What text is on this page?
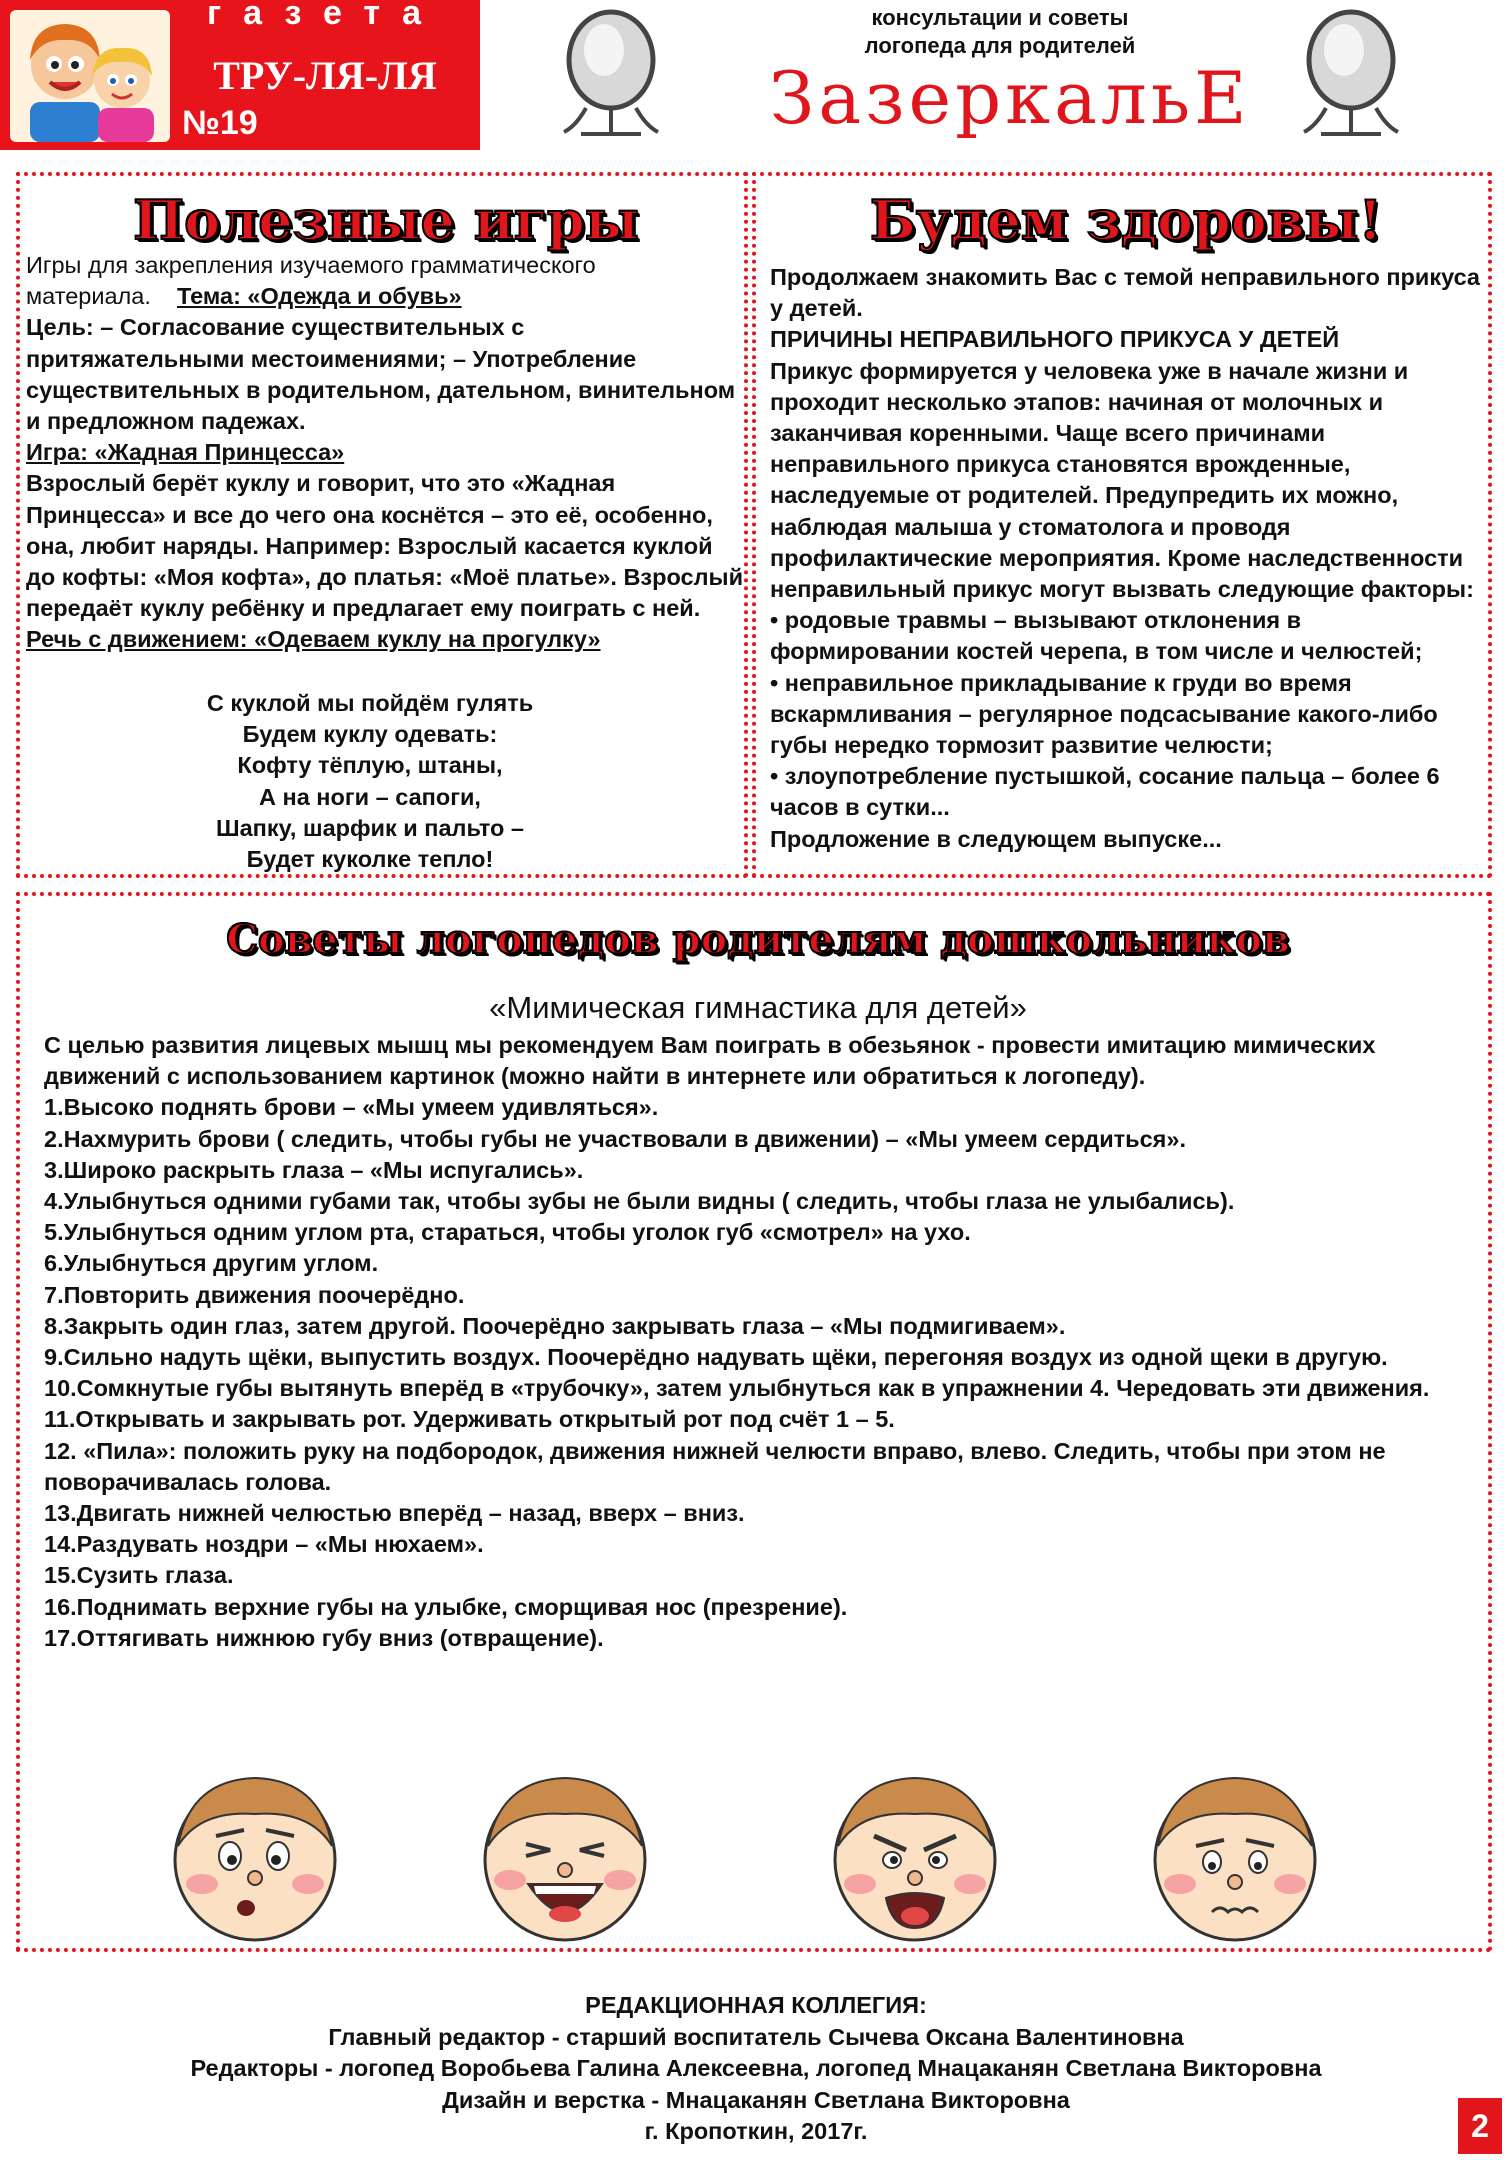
газета
ТРУ-ЛЯ-ЛЯ
№19
консультации и советы
логопеда для родителей
ЗазеркальЕ
Полезные игры
Игры для закрепления изучаемого грамматического материала. Тема: «Одежда и обувь»
Цель: – Согласование существительных с притяжательными местоимениями; – Употребление существительных в родительном, дательном, винительном и предложном падежах.
Игра: «Жадная Принцесса»
Взрослый берёт куклу и говорит, что это «Жадная Принцесса» и все до чего она коснётся – это её, особенно, она, любит наряды. Например: Взрослый касается куклой до кофты: «Моя кофта», до платья: «Моё платье». Взрослый передаёт куклу ребёнку и предлагает ему поиграть с ней.
Речь с движением: «Одеваем куклу на прогулку»
С куклой мы пойдём гулять
Будем куклу одевать:
Кофту тёплую, штаны,
А на ноги – сапоги,
Шапку, шарфик и пальто –
Будет куколке тепло!
Будем здоровы!
Продолжаем знакомить Вас с темой неправильного прикуса у детей.
ПРИЧИНЫ НЕПРАВИЛЬНОГО ПРИКУСА У ДЕТЕЙ
Прикус формируется у человека уже в начале жизни и проходит несколько этапов: начиная от молочных и заканчивая коренными. Чаще всего причинами неправильного прикуса становятся врожденные, наследуемые от родителей. Предупредить их можно, наблюдая малыша у стоматолога и проводя профилактические мероприятия. Кроме наследственности неправильный прикус могут вызвать следующие факторы:
• родовые травмы – вызывают отклонения в формировании костей черепа, в том числе и челюстей;
• неправильное прикладывание к груди во время вскармливания – регулярное подсасывание какого-либо губы нередко тормозит развитие челюсти;
• злоупотребление пустышкой, сосание пальца – более 6 часов в сутки...
Продложение в следующем выпуске...
Советы логопедов родителям дошкольников
«Мимическая гимнастика для детей»
С целью развития лицевых мышц мы рекомендуем Вам поиграть в обезьянок - провести имитацию мимических движений с использованием картинок (можно найти в интернете или обратиться к логопеду).
1.Высоко поднять брови – «Мы умеем удивляться».
2.Нахмурить брови ( следить, чтобы губы не участвовали в движении) – «Мы умеем сердиться».
3.Широко раскрыть глаза – «Мы испугались».
4.Улыбнуться одними губами так, чтобы зубы не были видны ( следить, чтобы глаза не улыбались).
5.Улыбнуться одним углом рта, стараться, чтобы уголок губ «смотрел» на ухо.
6.Улыбнуться другим углом.
7.Повторить движения поочерёдно.
8.Закрыть один глаз, затем другой. Поочерёдно закрывать глаза – «Мы подмигиваем».
9.Сильно надуть щёки, выпустить воздух. Поочерёдно надувать щёки, перегоняя воздух из одной щеки в другую.
10.Сомкнутые губы вытянуть вперёд в «трубочку», затем улыбнуться как в упражнении 4. Чередовать эти движения.
11.Открывать и закрывать рот. Удерживать открытый рот под счёт 1 – 5.
12. «Пила»: положить руку на подбородок, движения нижней челюсти вправо, влево. Следить, чтобы при этом не поворачивалась голова.
13.Двигать нижней челюстью вперёд – назад, вверх – вниз.
14.Раздувать ноздри – «Мы нюхаем».
15.Сузить глаза.
16.Поднимать верхние губы на улыбке, сморщивая нос (презрение).
17.Оттягивать нижнюю губу вниз (отвращение).
РЕДАКЦИОННАЯ КОЛЛЕГИЯ:
Главный редактор - старший воспитатель Сычева Оксана Валентиновна
Редакторы - логопед Воробьева Галина Алексеевна, логопед Мнацаканян Светлана Викторовна
Дизайн и верстка - Мнацаканян Светлана Викторовна
г. Кропоткин, 2017г.	2
